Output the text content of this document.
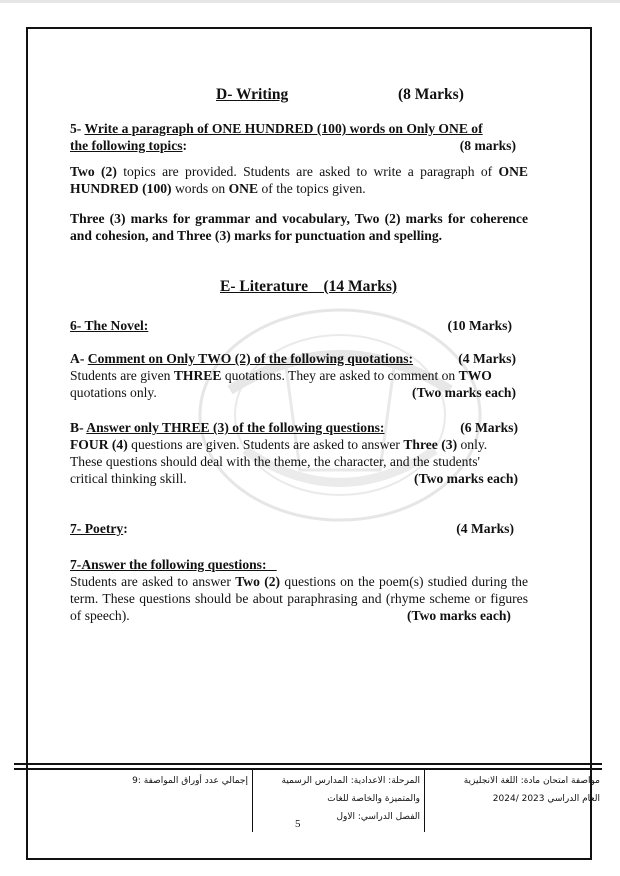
D- Writing	(8 Marks)
5- Write a paragraph of ONE HUNDRED (100) words on Only ONE of
the following topics:	(8 marks)
Two (2) topics are provided. Students are asked to write a paragraph of ONE HUNDRED (100) words on ONE of the topics given.
Three (3) marks for grammar and vocabulary, Two (2) marks for coherence and cohesion, and Three (3) marks for punctuation and spelling.
E- Literature    (14 Marks)
6- The Novel:	(10 Marks)
A- Comment on Only TWO (2) of the following quotations:	(4 Marks)
Students are given THREE quotations. They are asked to comment on TWO
quotations only.	(Two marks each)
B- Answer only THREE (3) of the following questions:	(6 Marks)
FOUR (4) questions are given. Students are asked to answer Three (3) only.
These questions should deal with the theme, the character, and the students'
critical thinking skill.	(Two marks each)
7- Poetry:	(4 Marks)
7-Answer the following questions:
Students are asked to answer Two (2) questions on the poem(s) studied during the term. These questions should be about paraphrasing and (rhyme scheme or figures of speech).	(Two marks each)
مواصفة امتحان مادة: اللغة الانجليزية
العام الدراسي 2023 /2024
المرحلة: الاعدادية: المدارس الرسمية
والمتميزة والخاصة للغات
الفصل الدراسي: الاول
إجمالي عدد أوراق المواصفة :9
5
